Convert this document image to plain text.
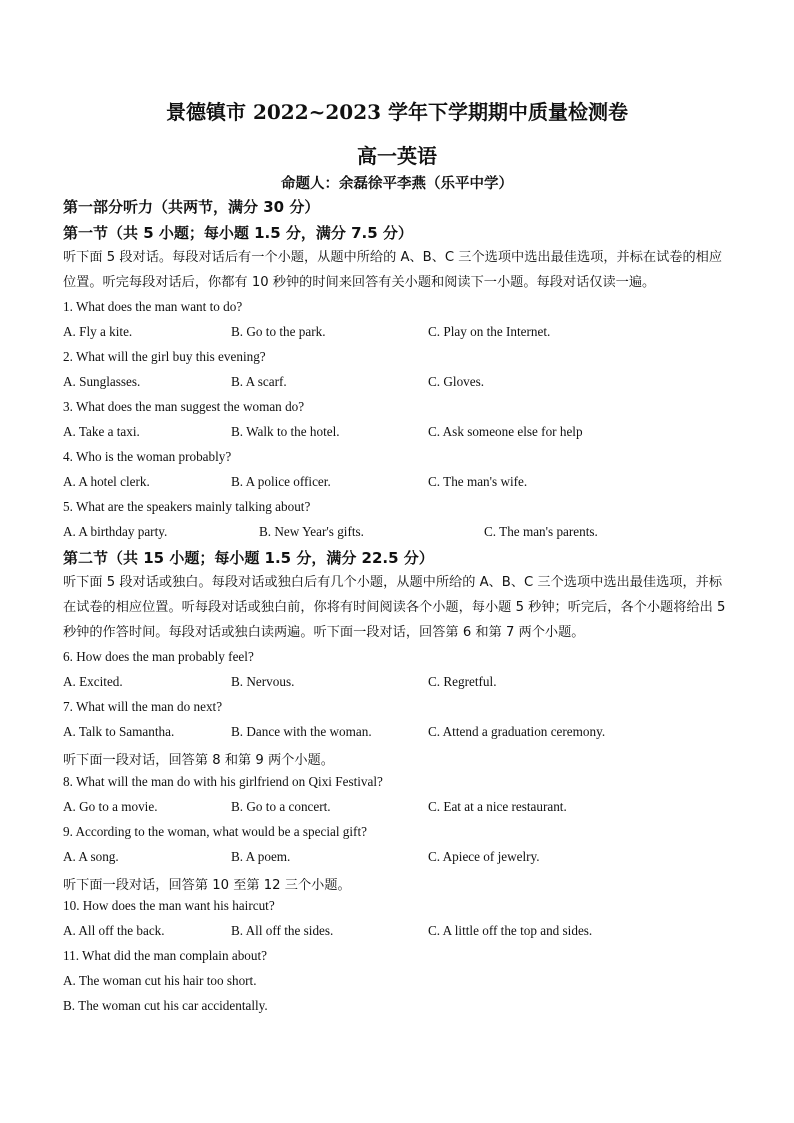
景德镇市 2022~2023 学年下学期期中质量检测卷
高一英语
命题人：余磊徐平李燕（乐平中学）
第一部分听力（共两节，满分 30 分）
第一节（共 5 小题；每小题 1.5 分，满分 7.5 分）
听下面 5 段对话。每段对话后有一个小题，从题中所给的 A、B、C 三个选项中选出最佳选项，并标在试卷的相应位置。听完每段对话后，你都有 10 秒钟的时间来回答有关小题和阅读下一小题。每段对话仅读一遍。
1. What does the man want to do?
A. Fly a kite.	B. Go to the park.	C. Play on the Internet.
2. What will the girl buy this evening?
A. Sunglasses.	B. A scarf.	C. Gloves.
3. What does the man suggest the woman do?
A. Take a taxi.	B. Walk to the hotel.	C. Ask someone else for help
4. Who is the woman probably?
A. A hotel clerk.	B. A police officer.	C. The man's wife.
5. What are the speakers mainly talking about?
A. A birthday party.	B. New Year's gifts.	C. The man's parents.
第二节（共 15 小题；每小题 1.5 分，满分 22.5 分）
听下面 5 段对话或独白。每段对话或独白后有几个小题，从题中所给的 A、B、C 三个选项中选出最佳选项，并标在试卷的相应位置。听每段对话或独白前，你将有时间阅读各个小题，每小题 5 秒钟；听完后，各个小题将给出 5 秒钟的作答时间。每段对话或独白读两遍。听下面一段对话，回答第 6 和第 7 两个小题。
6. How does the man probably feel?
A. Excited.	B. Nervous.	C. Regretful.
7. What will the man do next?
A. Talk to Samantha.	B. Dance with the woman.	C. Attend a graduation ceremony.
听下面一段对话，回答第 8 和第 9 两个小题。
8. What will the man do with his girlfriend on Qixi Festival?
A. Go to a movie.	B. Go to a concert.	C. Eat at a nice restaurant.
9. According to the woman, what would be a special gift?
A. A song.	B. A poem.	C. Apiece of jewelry.
听下面一段对话，回答第 10 至第 12 三个小题。
10. How does the man want his haircut?
A. All off the back.	B. All off the sides.	C. A little off the top and sides.
11. What did the man complain about?
A. The woman cut his hair too short.
B. The woman cut his car accidentally.
